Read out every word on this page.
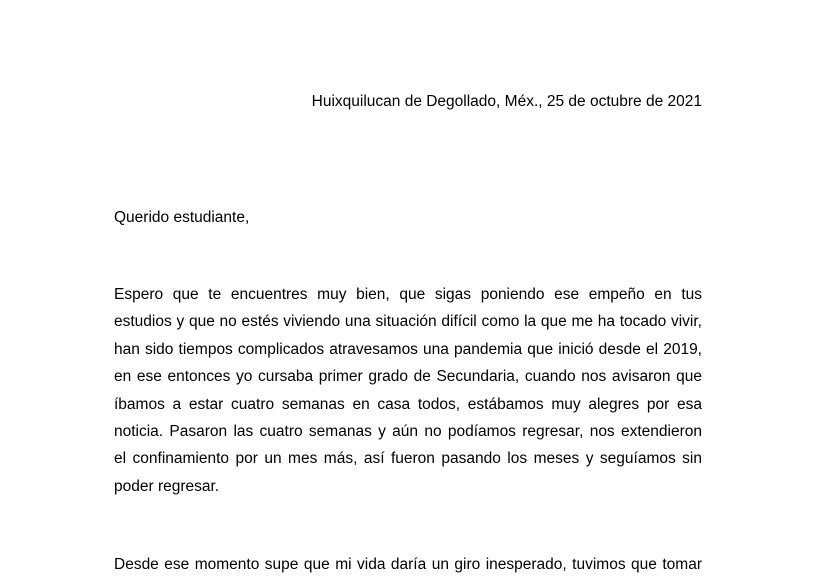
Huixquilucan de Degollado, Méx., 25 de octubre de 2021
Querido estudiante,
Espero que te encuentres muy bien, que sigas poniendo ese empeño en tus
estudios y que no estés viviendo una situación difícil como la que me ha tocado vivir,
han sido tiempos complicados atravesamos una pandemia que inició desde el 2019,
en ese entonces yo cursaba primer grado de Secundaria, cuando nos avisaron que
íbamos a estar cuatro semanas en casa todos, estábamos muy alegres por esa
noticia. Pasaron las cuatro semanas y aún no podíamos regresar, nos extendieron
el confinamiento por un mes más, así fueron pasando los meses y seguíamos sin
poder regresar.
Desde ese momento supe que mi vida daría un giro inesperado, tuvimos que tomar
